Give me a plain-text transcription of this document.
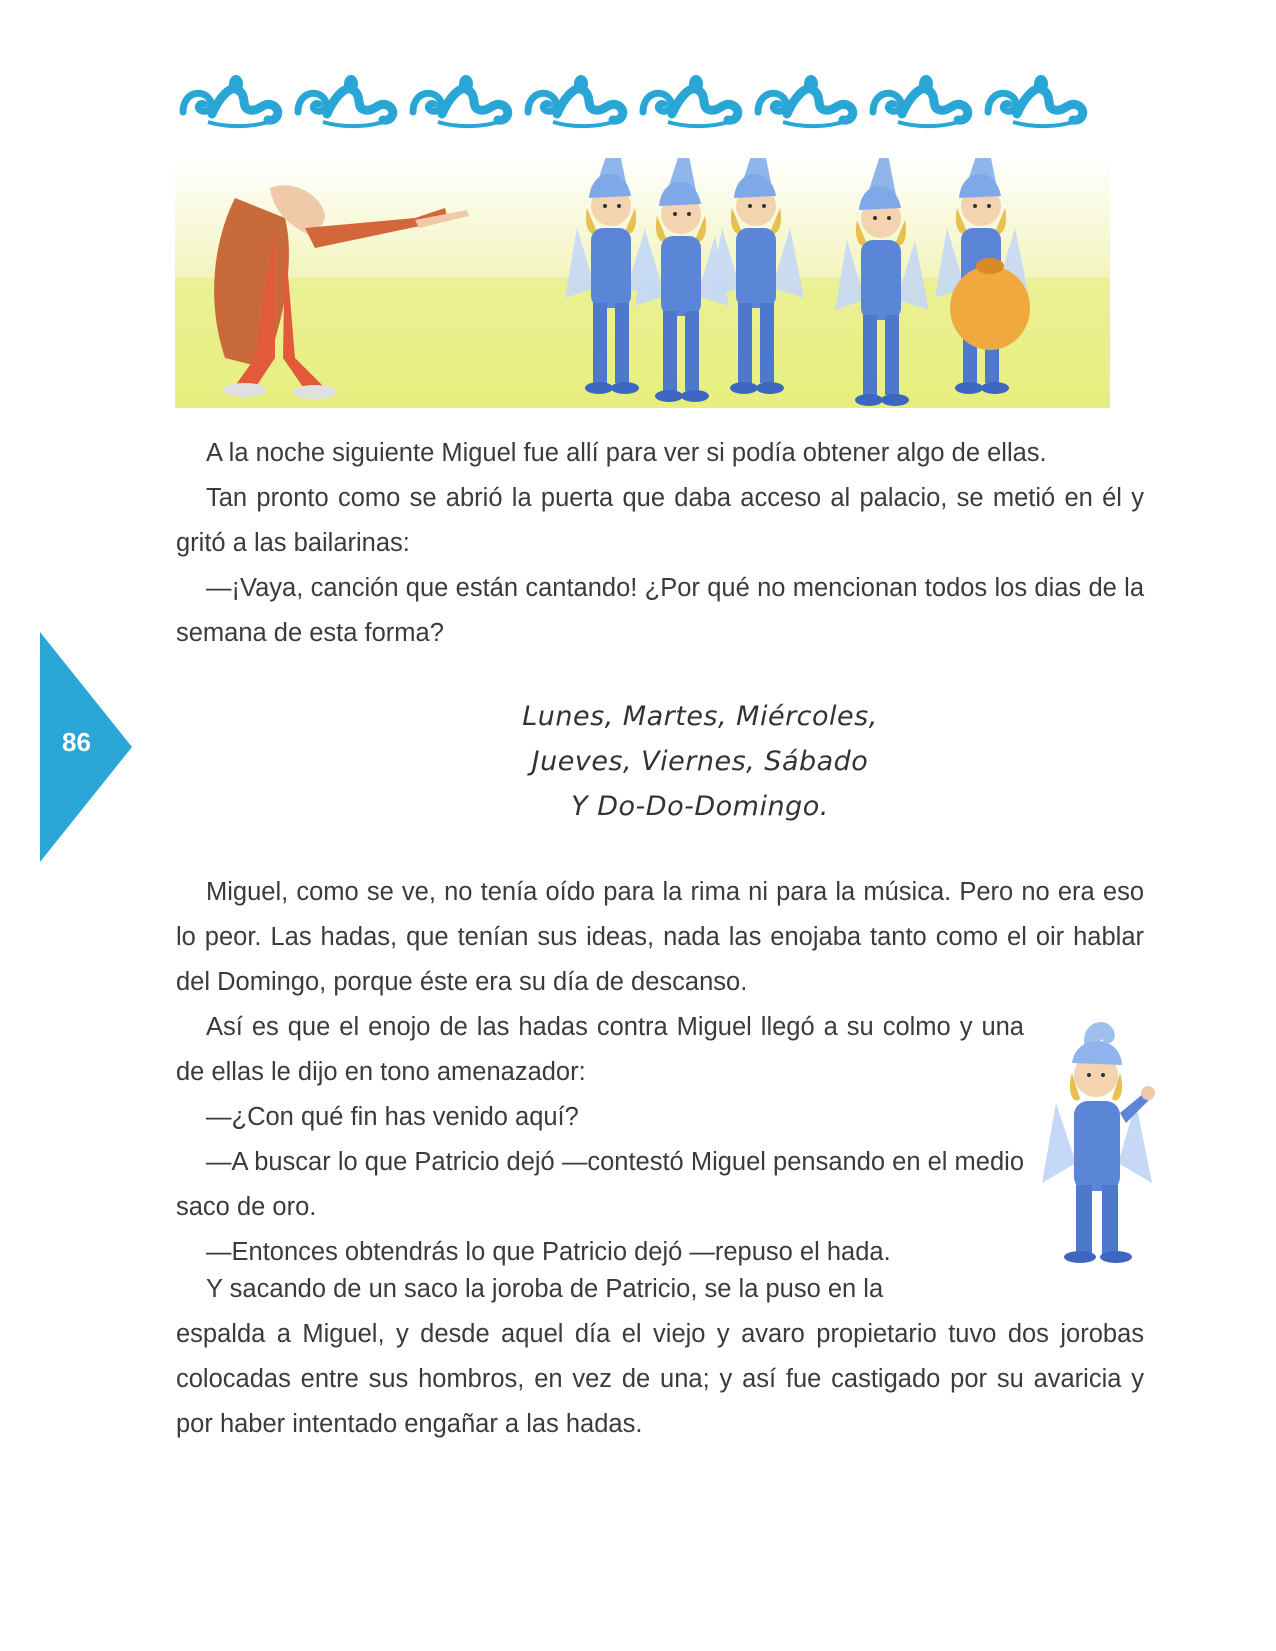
86

A la noche siguiente Miguel fue allí para ver si podía obtener algo de ellas.

Tan pronto como se abrió la puerta que daba acceso al palacio, se metió en él y gritó a las bailarinas:

—¡Vaya, canción que están cantando! ¿Por qué no mencionan todos los dias de la semana de esta forma?

Lunes, Martes, Miércoles,
Jueves, Viernes, Sábado
Y Do-Do-Domingo.

Miguel, como se ve, no tenía oído para la rima ni para la música. Pero no era eso lo peor. Las hadas, que tenían sus ideas, nada las enojaba tanto como el oir hablar del Domingo, porque éste era su día de descanso.

Así es que el enojo de las hadas contra Miguel llegó a su colmo y una de ellas le dijo en tono amenazador:

—¿Con qué fin has venido aquí?

—A buscar lo que Patricio dejó —contestó Miguel pensando en el medio saco de oro.

—Entonces obtendrás lo que Patricio dejó —repuso el hada.

Y sacando de un saco la joroba de Patricio, se la puso en la

espalda a Miguel, y desde aquel día el viejo y avaro propietario tuvo dos jorobas colocadas entre sus hombros, en vez de una; y así fue castigado por su avaricia y por haber intentado engañar a las hadas.
